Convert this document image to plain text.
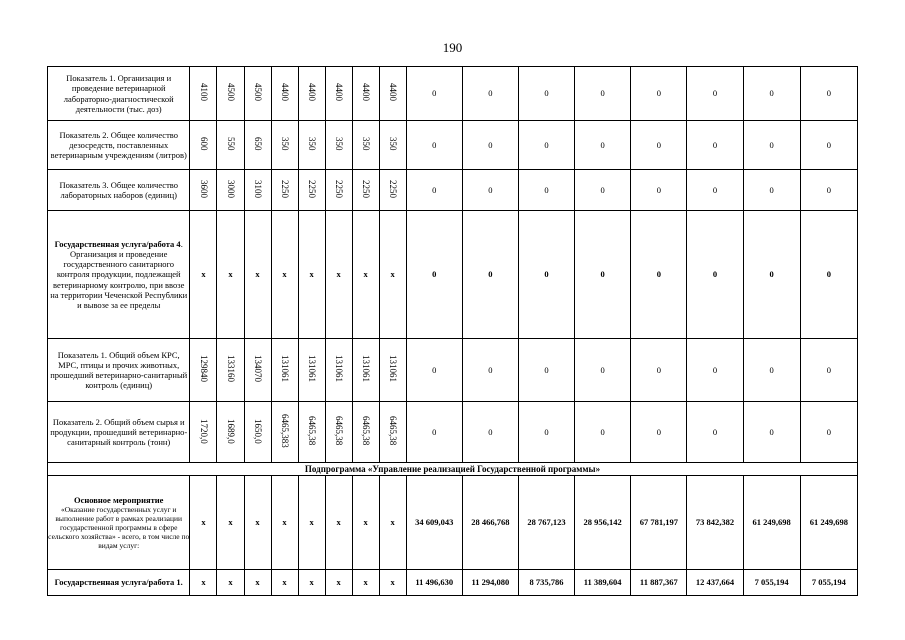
190
Показатель 1. Организация и проведение ветеринарной лабораторно-диагностической деятельности (тыс. доз)	4100	4500	4500	4400	4400	4400	4400	4400	0	0	0	0	0	0	0	0
Показатель 2. Общее количество дезосредств, поставленных ветеринарным учреждениям (литров)	600	550	650	350	350	350	350	350	0	0	0	0	0	0	0	0
Показатель 3. Общее количество лабораторных наборов (единиц)	3600	3000	3100	2250	2250	2250	2250	2250	0	0	0	0	0	0	0	0
Государственная услуга/работа 4. Организация и проведение государственного санитарного контроля продукции, подлежащей ветеринарному контролю, при ввозе на территории Чеченской Республики и вывозе за ее пределы	x	x	x	x	x	x	x	x	0	0	0	0	0	0	0	0
Показатель 1. Общий объем КРС, МРС, птицы и прочих животных, прошедший ветеринарно-санитарный контроль (единиц)	129840	133160	134070	131061	131061	131061	131061	131061	0	0	0	0	0	0	0	0
Показатель 2. Общий объем сырья и продукции, прошедший ветеринарно-санитарный контроль (тонн)	1720,0	1689,0	1650,0	6465,383	6465,38	6465,38	6465,38	6465,38	0	0	0	0	0	0	0	0
Подпрограмма «Управление реализацией Государственной программы»																

Основное мероприятие
«Оказание государственных услуг и выполнение работ в рамках реализации государственной программы в сфере сельского хозяйства» - всего, в том числе по видам услуг:	x	x	x	x	x	x	x	x	34 609,043	28 466,768	28 767,123	28 956,142	67 781,197	73 842,382	61 249,698	61 249,698
Государственная услуга/работа 1.	x	x	x	x	x	x	x	x	11 496,630	11 294,080	8 735,786	11 389,604	11 887,367	12 437,664	7 055,194	7 055,194
